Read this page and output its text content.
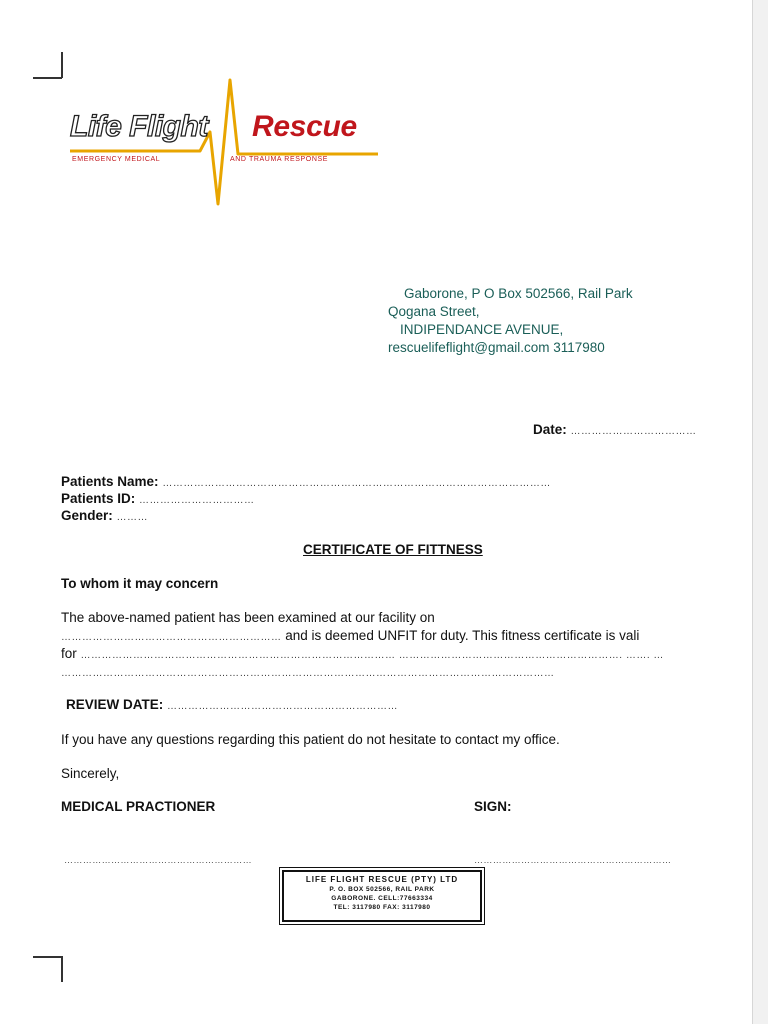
Life Flight Rescue
EMERGENCY MEDICAL	AND TRAUMA RESPONSE
Gaborone, P O Box 502566, Rail Park
Qogana Street,
INDIPENDANCE AVENUE,
rescuelifeflight@gmail.com 3117980
Date: ………………………………
Patients Name: …………………………………………………………………………………………………
Patients ID: ……………………………
Gender: ………
CERTIFICATE OF FITTNESS
To whom it may concern
The above-named patient has been examined at our facility on
……………………………………………………… and is deemed UNFIT for duty. This fitness certificate is vali
for ……………………………………………………………………………… ………………………………………………………. ……. …
……………………………………………………………………………………………………………………………
REVIEW DATE: …………………………………………………………
If you have any questions regarding this patient do not hesitate to contact my office.
Sincerely,
MEDICAL PRACTIONER	SIGN:
……………………………………………………	………………………………………………………
LIFE FLIGHT RESCUE (PTY) LTD
P. O. BOX 502566, RAIL PARK
GABORONE. CELL:77663334
TEL: 3117980 FAX: 3117980
